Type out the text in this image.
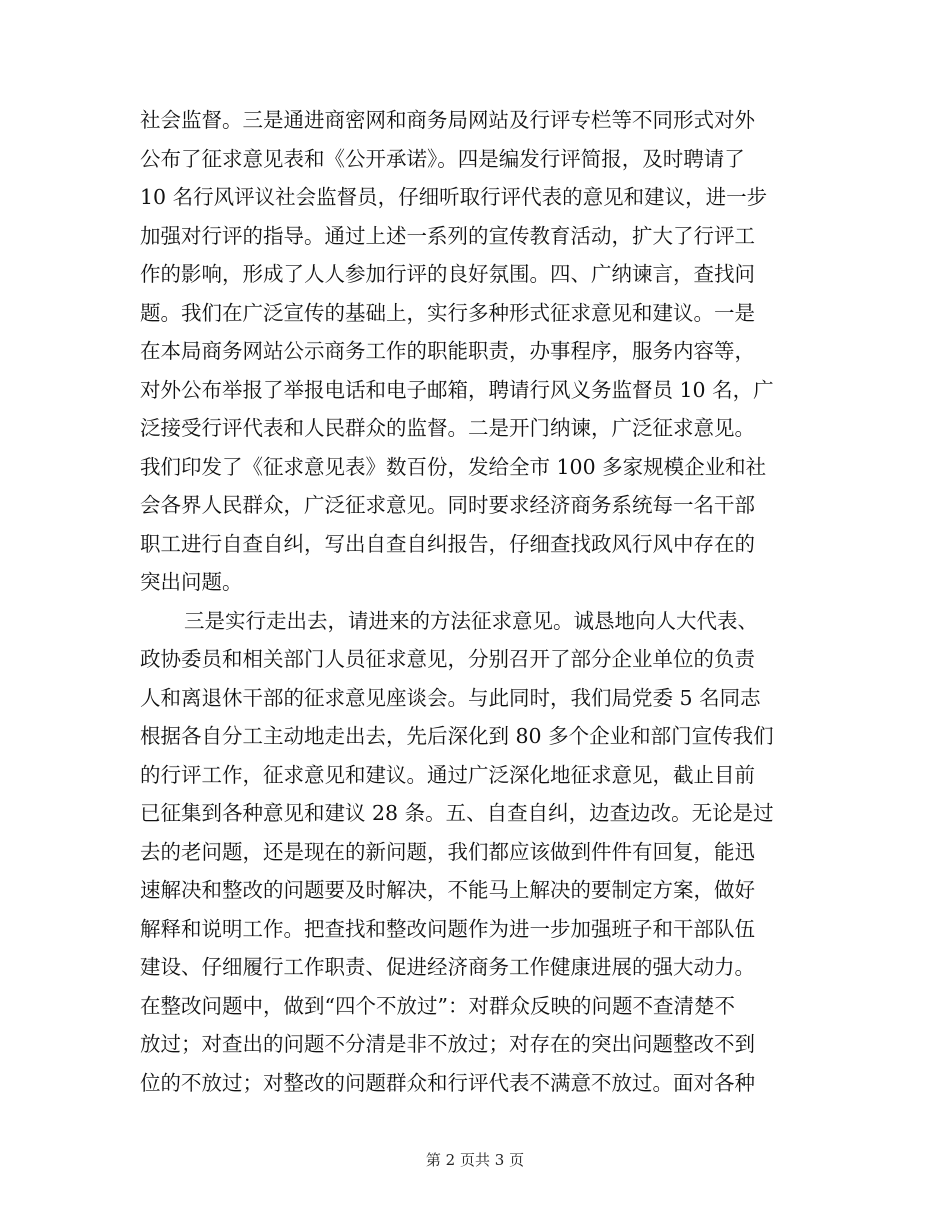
社会监督。三是通进商密网和商务局网站及行评专栏等不同形式对外
公布了征求意见表和《公开承诺》。四是编发行评简报，及时聘请了
10 名行风评议社会监督员，仔细听取行评代表的意见和建议，进一步
加强对行评的指导。通过上述一系列的宣传教育活动，扩大了行评工
作的影响，形成了人人参加行评的良好氛围。四、广纳谏言，查找问
题。我们在广泛宣传的基础上，实行多种形式征求意见和建议。一是
在本局商务网站公示商务工作的职能职责，办事程序，服务内容等，
对外公布举报了举报电话和电子邮箱，聘请行风义务监督员 10 名，广
泛接受行评代表和人民群众的监督。二是开门纳谏，广泛征求意见。
我们印发了《征求意见表》数百份，发给全市 100 多家规模企业和社
会各界人民群众，广泛征求意见。同时要求经济商务系统每一名干部
职工进行自查自纠，写出自查自纠报告，仔细查找政风行风中存在的
突出问题。
三是实行走出去，请进来的方法征求意见。诚恳地向人大代表、
政协委员和相关部门人员征求意见，分别召开了部分企业单位的负责
人和离退休干部的征求意见座谈会。与此同时，我们局党委 5 名同志
根据各自分工主动地走出去，先后深化到 80 多个企业和部门宣传我们
的行评工作，征求意见和建议。通过广泛深化地征求意见，截止目前
已征集到各种意见和建议 28 条。五、自查自纠，边查边改。无论是过
去的老问题，还是现在的新问题，我们都应该做到件件有回复，能迅
速解决和整改的问题要及时解决，不能马上解决的要制定方案，做好
解释和说明工作。把查找和整改问题作为进一步加强班子和干部队伍
建设、仔细履行工作职责、促进经济商务工作健康进展的强大动力。
在整改问题中，做到“四个不放过”：对群众反映的问题不查清楚不
放过；对查出的问题不分清是非不放过；对存在的突出问题整改不到
位的不放过；对整改的问题群众和行评代表不满意不放过。面对各种
第 2 页共 3 页
